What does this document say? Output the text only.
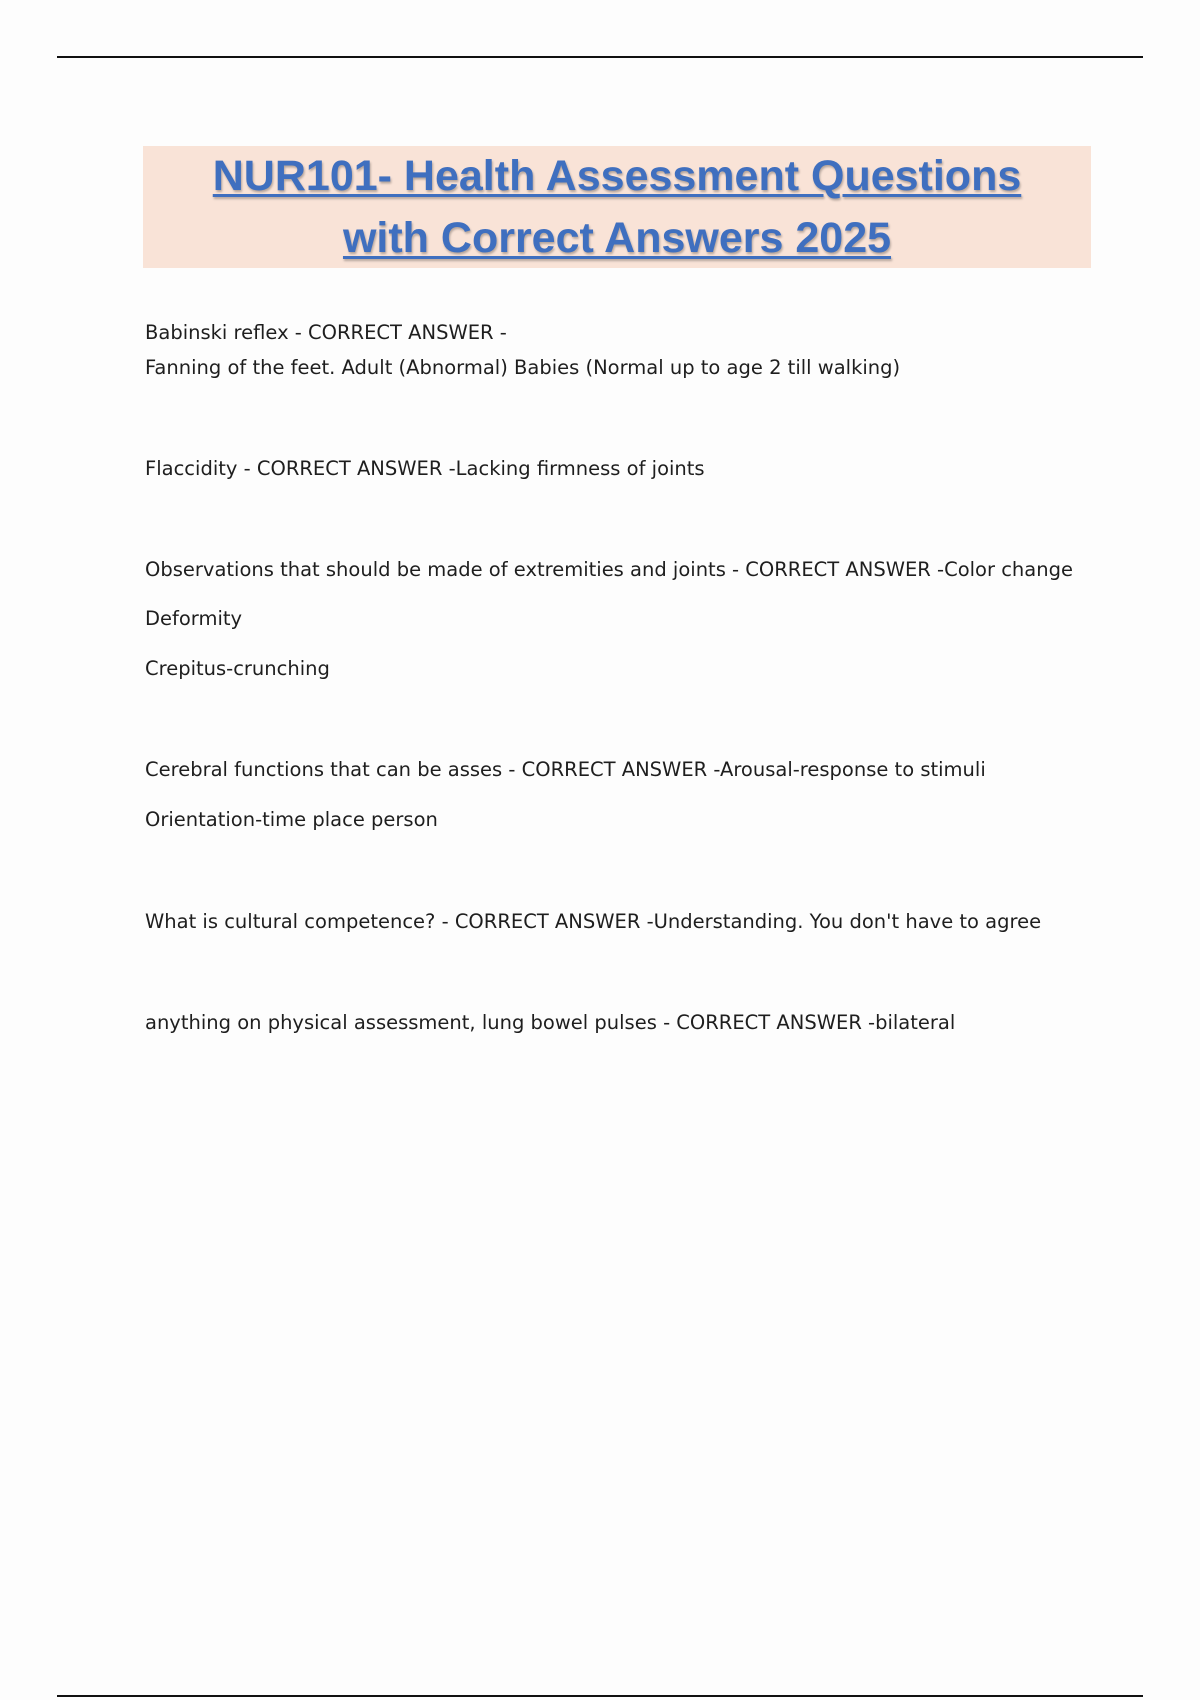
NUR101- Health Assessment Questions
with Correct Answers 2025
Babinski reflex - CORRECT ANSWER -
Fanning of the feet. Adult (Abnormal) Babies (Normal up to age 2 till walking)
Flaccidity - CORRECT ANSWER -Lacking firmness of joints
Observations that should be made of extremities and joints - CORRECT ANSWER -Color change
Deformity
Crepitus-crunching
Cerebral functions that can be asses - CORRECT ANSWER -Arousal-response to stimuli
Orientation-time place person
What is cultural competence? - CORRECT ANSWER -Understanding. You don't have to agree
anything on physical assessment, lung bowel pulses - CORRECT ANSWER -bilateral
